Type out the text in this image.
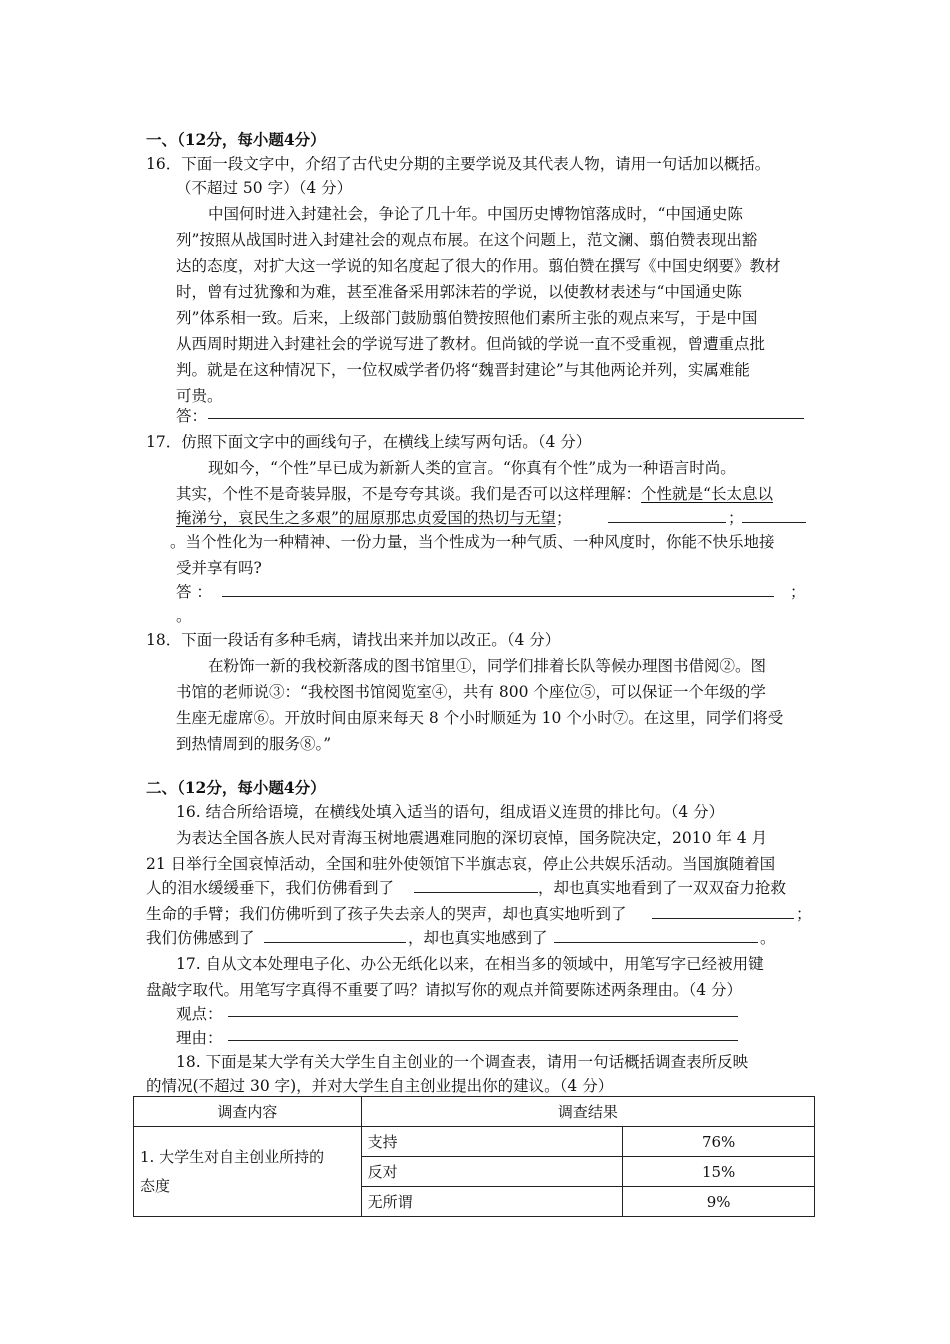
一、（12分，每小题4分）
16．下面一段文字中，介绍了古代史分期的主要学说及其代表人物，请用一句话加以概括。
（不超过 50 字）（4 分）
中国何时进入封建社会，争论了几十年。中国历史博物馆落成时，“中国通史陈
列”按照从战国时进入封建社会的观点布展。在这个问题上，范文澜、翦伯赞表现出豁
达的态度，对扩大这一学说的知名度起了很大的作用。翦伯赞在撰写《中国史纲要》教材
时，曾有过犹豫和为难，甚至准备采用郭沫若的学说，以使教材表述与“中国通史陈
列”体系相一致。后来，上级部门鼓励翦伯赞按照他们素所主张的观点来写，于是中国
从西周时期进入封建社会的学说写进了教材。但尚钺的学说一直不受重视，曾遭重点批
判。就是在这种情况下，一位权威学者仍将“魏晋封建论”与其他两论并列，实属难能
可贵。
答：
17．仿照下面文字中的画线句子，在横线上续写两句话。（4 分）
现如今，“个性”早已成为新新人类的宣言。“你真有个性”成为一种语言时尚。
其实，个性不是奇装异服，不是夸夸其谈。我们是否可以这样理解：个性就是“长太息以
掩涕兮，哀民生之多艰”的屈原那忠贞爱国的热切与无望；	；
。当个性化为一种精神、一份力量，当个性成为一种气质、一种风度时，你能不快乐地接
受并享有吗?
答 ：	；
。
18．下面一段话有多种毛病，请找出来并加以改正。（4 分）
在粉饰一新的我校新落成的图书馆里①，同学们排着长队等候办理图书借阅②。图
书馆的老师说③：“我校图书馆阅览室④，共有 800 个座位⑤，可以保证一个年级的学
生座无虚席⑥。开放时间由原来每天 8 个小时顺延为 10 个小时⑦。在这里，同学们将受
到热情周到的服务⑧。”
二、（12分，每小题4分）
16. 结合所给语境，在横线处填入适当的语句，组成语义连贯的排比句。（4 分）
为表达全国各族人民对青海玉树地震遇难同胞的深切哀悼，国务院决定，2010 年 4 月
21 日举行全国哀悼活动，全国和驻外使领馆下半旗志哀，停止公共娱乐活动。当国旗随着国
人的泪水缓缓垂下，我们仿佛看到了	，却也真实地看到了一双双奋力抢救
生命的手臂；我们仿佛听到了孩子失去亲人的哭声，却也真实地听到了	；
我们仿佛感到了	，却也真实地感到了	。
17. 自从文本处理电子化、办公无纸化以来，在相当多的领域中，用笔写字已经被用键
盘敲字取代。用笔写字真得不重要了吗？请拟写你的观点并简要陈述两条理由。（4 分）
观点：
理由：
18. 下面是某大学有关大学生自主创业的一个调查表，请用一句话概括调查表所反映
的情况(不超过 30 字)，并对大学生自主创业提出你的建议。（4 分）
调查内容	调查结果	

1. 大学生对自主创业所持的
态度	支持	76%
	反对	15%
	无所谓	9%
